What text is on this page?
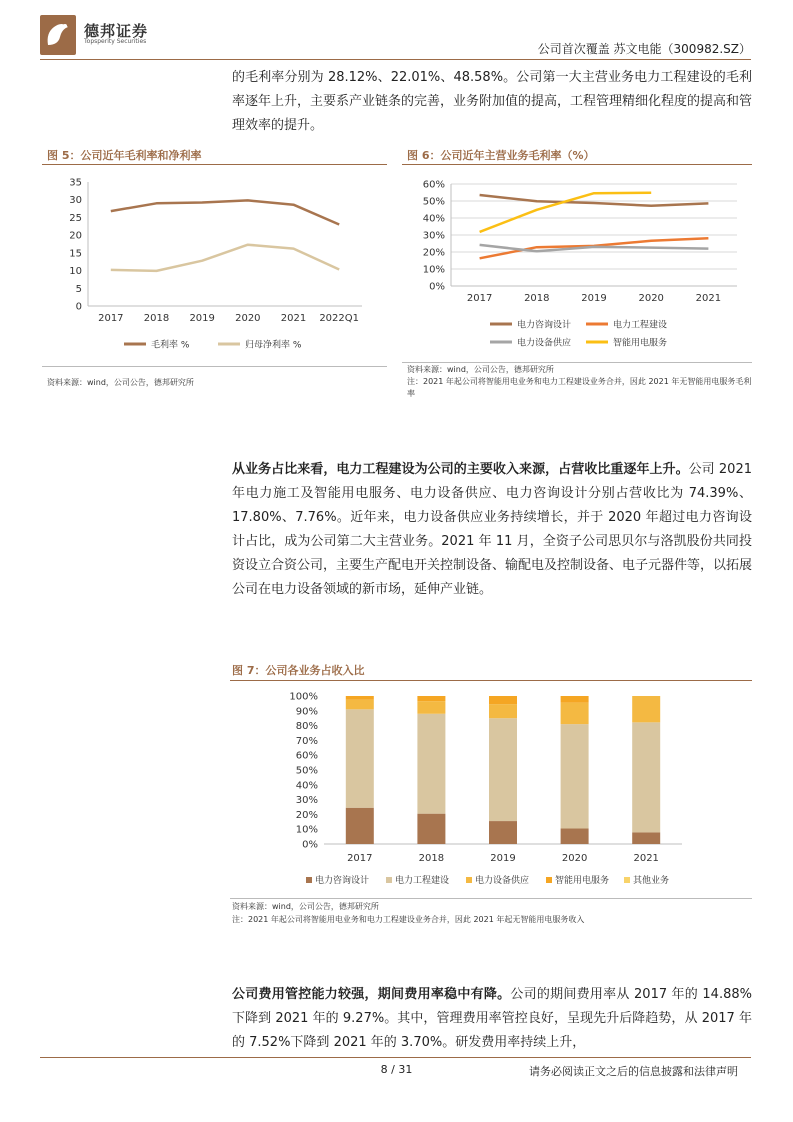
德邦证券
Topsperity Securities
公司首次覆盖 苏文电能（300982.SZ）
的毛利率分别为 28.12%、22.01%、48.58%。公司第一大主营业务电力工程建设的毛利率逐年上升，主要系产业链条的完善，业务附加值的提高，工程管理精细化程度的提高和管理效率的提升。
图 5：公司近年毛利率和净利率
0
5
10
15
20
25
30
35
2017 2018 2019 2020 2021 2022Q1
毛利率 %	归母净利率 %
资料来源：wind，公司公告，德邦研究所
图 6：公司近年主营业务毛利率（%）
0%
10%
20%
30%
40%
50%
60%
2017	2018	2019	2020	2021
电力咨询设计	电力工程建设
电力设备供应	智能用电服务
资料来源：wind，公司公告，德邦研究所
注：2021 年起公司将智能用电业务和电力工程建设业务合并，因此 2021 年无智能用电服务毛利率
从业务占比来看，电力工程建设为公司的主要收入来源，占营收比重逐年上升。公司 2021 年电力施工及智能用电服务、电力设备供应、电力咨询设计分别占营收比为 74.39%、17.80%、7.76%。近年来，电力设备供应业务持续增长，并于 2020 年超过电力咨询设计占比，成为公司第二大主营业务。2021 年 11 月，全资子公司思贝尔与洛凯股份共同投资设立合资公司，主要生产配电开关控制设备、输配电及控制设备、电子元器件等，以拓展公司在电力设备领域的新市场，延伸产业链。
图 7：公司各业务占收入比
0%
10%
20%
30%
40%
50%
60%
70%
80%
90%
100%
2017	2018	2019	2020	2021
电力咨询设计	电力工程建设	电力设备供应	智能用电服务	其他业务
资料来源：wind，公司公告，德邦研究所
注：2021 年起公司将智能用电业务和电力工程建设业务合并，因此 2021 年起无智能用电服务收入
公司费用管控能力较强，期间费用率稳中有降。公司的期间费用率从 2017 年的 14.88%下降到 2021 年的 9.27%。其中，管理费用率管控良好，呈现先升后降趋势，从 2017 年的 7.52%下降到 2021 年的 3.70%。研发费用率持续上升，
8 / 31	请务必阅读正文之后的信息披露和法律声明
